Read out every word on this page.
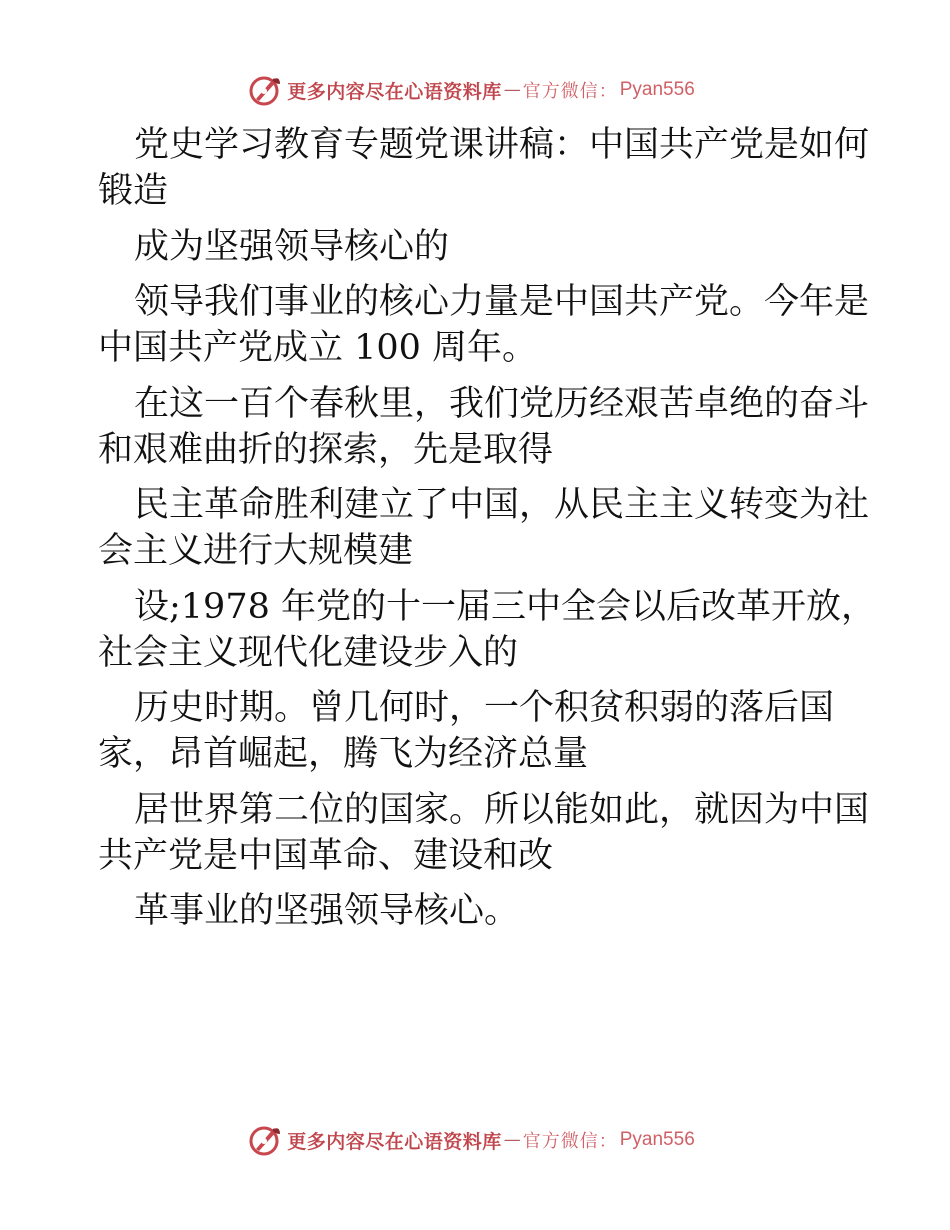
更多内容尽在心语资料库 — 官方微信： Pyan556

党史学习教育专题党课讲稿：中国共产党是如何
锻造

成为坚强领导核心的

领导我们事业的核心力量是中国共产党。今年是
中国共产党成立 100 周年。

在这一百个春秋里，我们党历经艰苦卓绝的奋斗
和艰难曲折的探索，先是取得

民主革命胜利建立了中国，从民主主义转变为社
会主义进行大规模建

设;1978 年党的十一届三中全会以后改革开放，
社会主义现代化建设步入的

历史时期。曾几何时，一个积贫积弱的落后国
家，昂首崛起，腾飞为经济总量

居世界第二位的国家。所以能如此，就因为中国
共产党是中国革命、建设和改

革事业的坚强领导核心。

更多内容尽在心语资料库 — 官方微信： Pyan556
